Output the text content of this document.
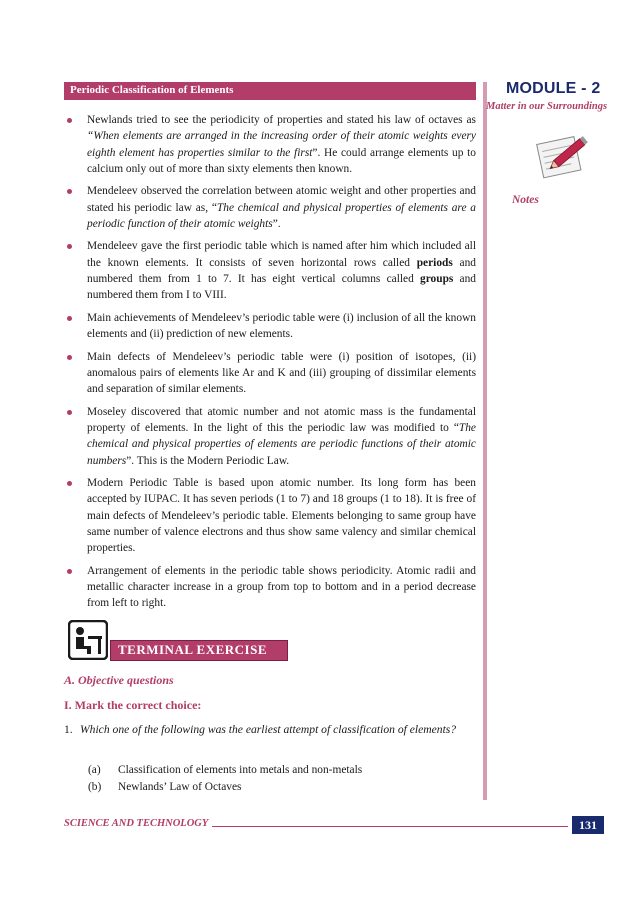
Periodic Classification of Elements	MODULE - 2
Matter in our Surroundings
Notes

Newlands tried to see the periodicity of properties and stated his law of octaves as “When elements are arranged in the increasing order of their atomic weights every eighth element has properties similar to the first”. He could arrange elements up to calcium only out of more than sixty elements then known.

Mendeleev observed the correlation between atomic weight and other properties and stated his periodic law as, “The chemical and physical properties of elements are a periodic function of their atomic weights”.

Mendeleev gave the first periodic table which is named after him which included all the known elements. It consists of seven horizontal rows called periods and numbered them from 1 to 7. It has eight vertical columns called groups and numbered them from I to VIII.

Main achievements of Mendeleev’s periodic table were (i) inclusion of all the known elements and (ii) prediction of new elements.

Main defects of Mendeleev’s periodic table were (i) position of isotopes, (ii) anomalous pairs of elements like Ar and K and (iii) grouping of dissimilar elements and separation of similar elements.

Moseley discovered that atomic number and not atomic mass is the fundamental property of elements. In the light of this the periodic law was modified to “The chemical and physical properties of elements are periodic functions of their atomic numbers”. This is the Modern Periodic Law.

Modern Periodic Table is based upon atomic number. Its long form has been accepted by IUPAC. It has seven periods (1 to 7) and 18 groups (1 to 18). It is free of main defects of Mendeleev’s periodic table. Elements belonging to same group have same number of valence electrons and thus show same valency and similar chemical properties.

Arrangement of elements in the periodic table shows periodicity. Atomic radii and metallic character increase in a group from top to bottom and in a period decrease from left to right.

TERMINAL EXERCISE
A. Objective questions
I. Mark the correct choice:
1. Which one of the following was the earliest attempt of classification of elements?
(a) Classification of elements into metals and non-metals
(b) Newlands’ Law of Octaves
SCIENCE AND TECHNOLOGY	131
